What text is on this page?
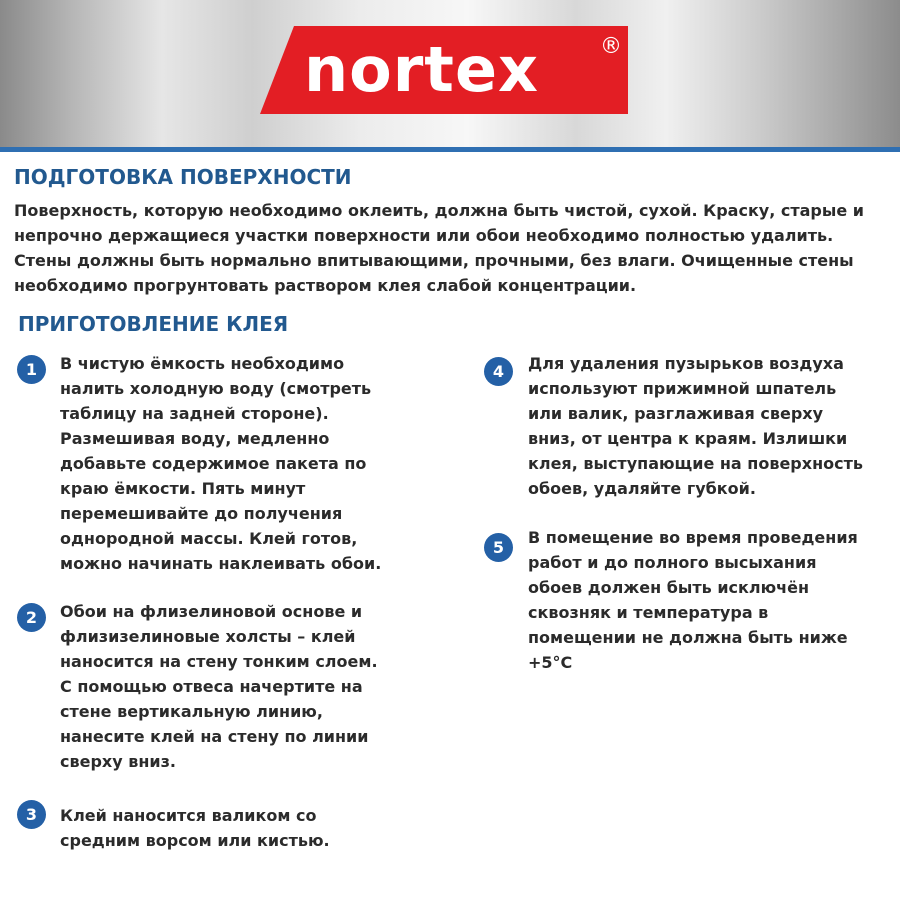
nortex	®
ПОДГОТОВКА ПОВЕРХНОСТИ
Поверхность, которую необходимо оклеить, должна быть чистой, сухой. Краску, старые и
непрочно держащиеся участки поверхности или обои необходимо полностью удалить.
Стены должны быть нормально впитывающими, прочными, без влаги. Очищенные стены
необходимо прогрунтовать раствором клея слабой концентрации.
ПРИГОТОВЛЕНИЕ КЛЕЯ
1	В чистую ёмкость необходимо
налить холодную воду (смотреть
таблицу на задней стороне).
Размешивая воду, медленно
добавьте содержимое пакета по
краю ёмкости. Пять минут
перемешивайте до получения
однородной массы. Клей готов,
можно начинать наклеивать обои.
2	Обои на флизелиновой основе и
флизизелиновые холсты – клей
наносится на стену тонким слоем.
С помощью отвеса начертите на
стене вертикальную линию,
нанесите клей на стену по линии
сверху вниз.
3	Клей наносится валиком со
средним ворсом или кистью.
4	Для удаления пузырьков воздуха
используют прижимной шпатель
или валик, разглаживая сверху
вниз, от центра к краям. Излишки
клея, выступающие на поверхность
обоев, удаляйте губкой.
5
В помещение во время проведения
работ и до полного высыхания
обоев должен быть исключён
сквозняк и температура в
помещении не должна быть ниже
+5°C
